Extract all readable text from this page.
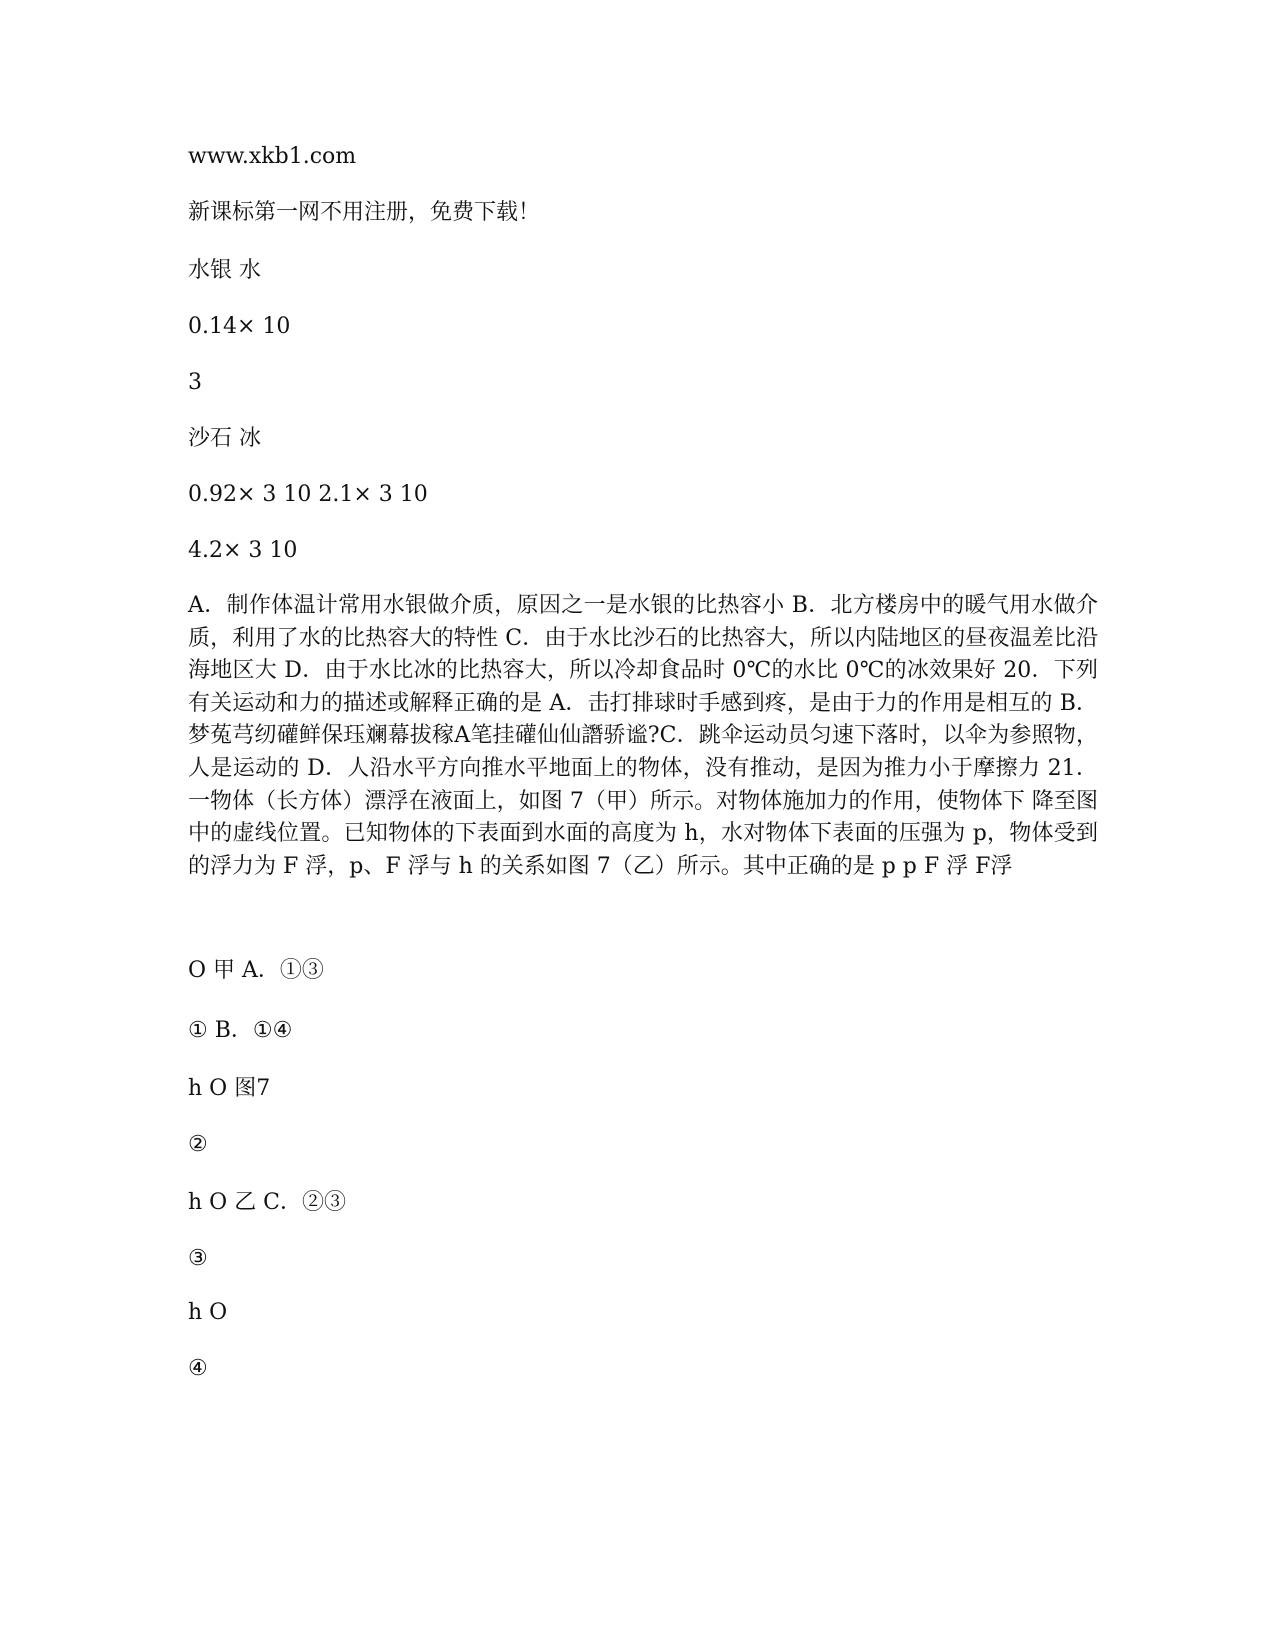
www.xkb1.com
新课标第一网不用注册，免费下载！
水银 水
0.14× 10
3
沙石 冰
0.92× 3 10 2.1× 3 10
4.2× 3 10
A．制作体温计常用水银做介质，原因之一是水银的比热容小 B．北方楼房中的暖气用水做介质，利用了水的比热容大的特性 C．由于水比沙石的比热容大，所以内陆地区的昼夜温差比沿海地区大 D．由于水比冰的比热容大，所以冷却食品时 0℃的水比 0℃的冰效果好 20．下列有关运动和力的描述或解释正确的是 A．击打排球时手感到疼，是由于力的作用是相互的 B．梦菟芎纫礶鲜保珏斓幕拔稼A笔挂礶仙仙譖骄谧?C．跳伞运动员匀速下落时，以伞为参照物，人是运动的 D．人沿水平方向推水平地面上的物体，没有推动，是因为推力小于摩擦力 21．一物体（长方体）漂浮在液面上，如图 7（甲）所示。对物体施加力的作用，使物体下 降至图中的虚线位置。已知物体的下表面到水面的高度为 h，水对物体下表面的压强为 p，物体受到的浮力为 F 浮，p、F 浮与 h 的关系如图 7（乙）所示。其中正确的是 p p F 浮 F浮
O 甲 A．①③
① B．①④
h O 图7
②
h O 乙 C．②③
③
h O
④
